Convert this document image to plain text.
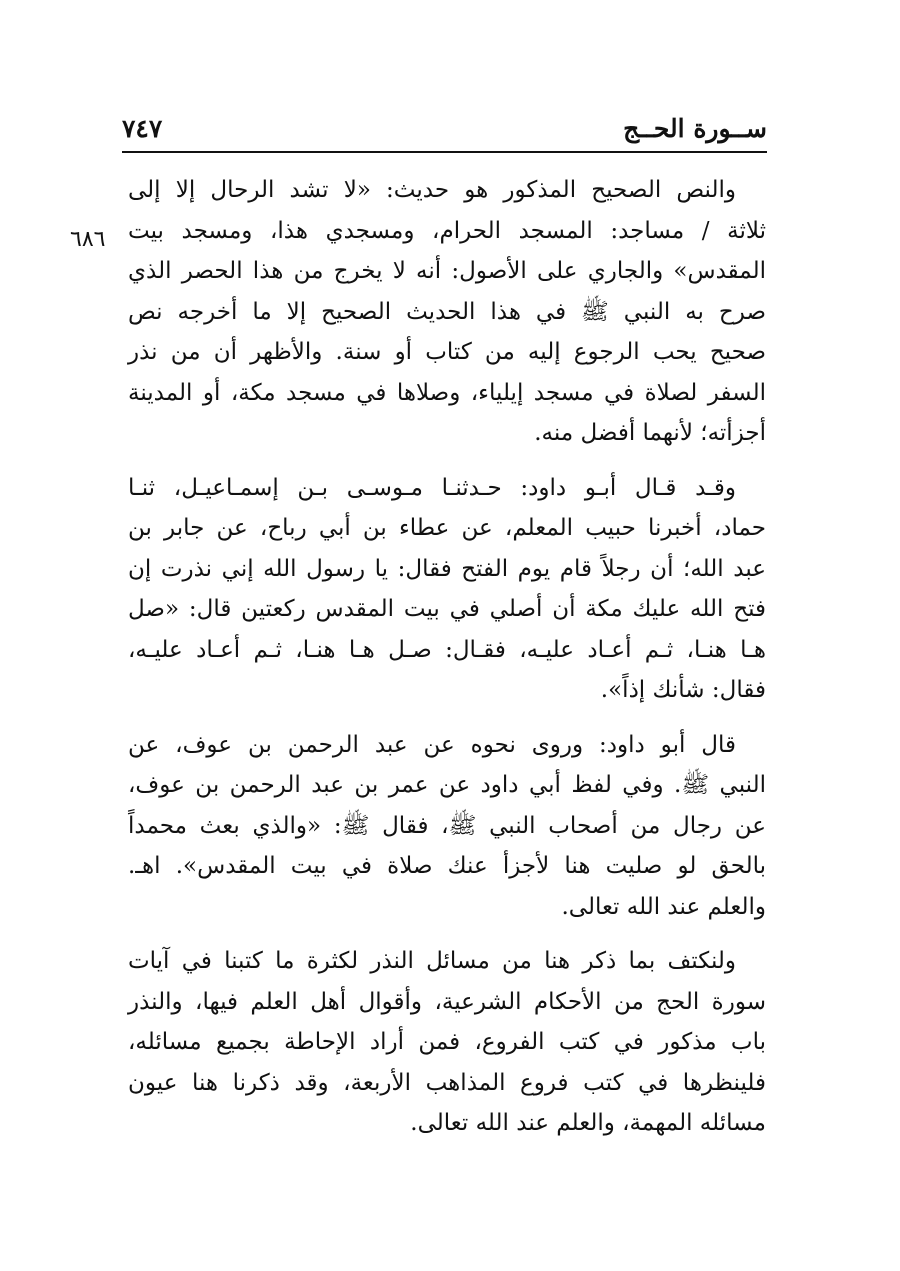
ســورة الحــج
٧٤٧
٦٨٦

والنص الصحيح المذكور هو حديث: «لا تشد الرحال إلا إلى
ثلاثة / مساجد: المسجد الحرام، ومسجدي هذا، ومسجد بيت
المقدس» والجاري على الأصول: أنه لا يخرج من هذا الحصر الذي
صرح به النبي ﷺ في هذا الحديث الصحيح إلا ما أخرجه نص
صحيح يحب الرجوع إليه من كتاب أو سنة. والأظهر أن من نذر
السفر لصلاة في مسجد إيلياء، وصلاها في مسجد مكة، أو المدينة
أجزأته؛ لأنهما أفضل منه.

وقـد قـال أبـو داود: حـدثنـا مـوسـى بـن إسمـاعيـل، ثنـا
حماد، أخبرنا حبيب المعلم، عن عطاء بن أبي رباح، عن جابر بن
عبد الله؛ أن رجلاً قام يوم الفتح فقال: يا رسول الله إني نذرت إن
فتح الله عليك مكة أن أصلي في بيت المقدس ركعتين قال: «صل
هـا هنـا، ثـم أعـاد عليـه، فقـال: صـل هـا هنـا، ثـم أعـاد عليـه،
فقال: شأنك إذاً».

قال أبو داود: وروى نحوه عن عبد الرحمن بن عوف، عن
النبي ﷺ. وفي لفظ أبي داود عن عمر بن عبد الرحمن بن عوف،
عن رجال من أصحاب النبي ﷺ، فقال ﷺ: «والذي بعث محمداً
بالحق لو صليت هنا لأجزأ عنك صلاة في بيت المقدس». اهـ.
والعلم عند الله تعالى.

ولنكتف بما ذكر هنا من مسائل النذر لكثرة ما كتبنا في آيات
سورة الحج من الأحكام الشرعية، وأقوال أهل العلم فيها، والنذر
باب مذكور في كتب الفروع، فمن أراد الإحاطة بجميع مسائله،
فلينظرها في كتب فروع المذاهب الأربعة، وقد ذكرنا هنا عيون
مسائله المهمة، والعلم عند الله تعالى.
